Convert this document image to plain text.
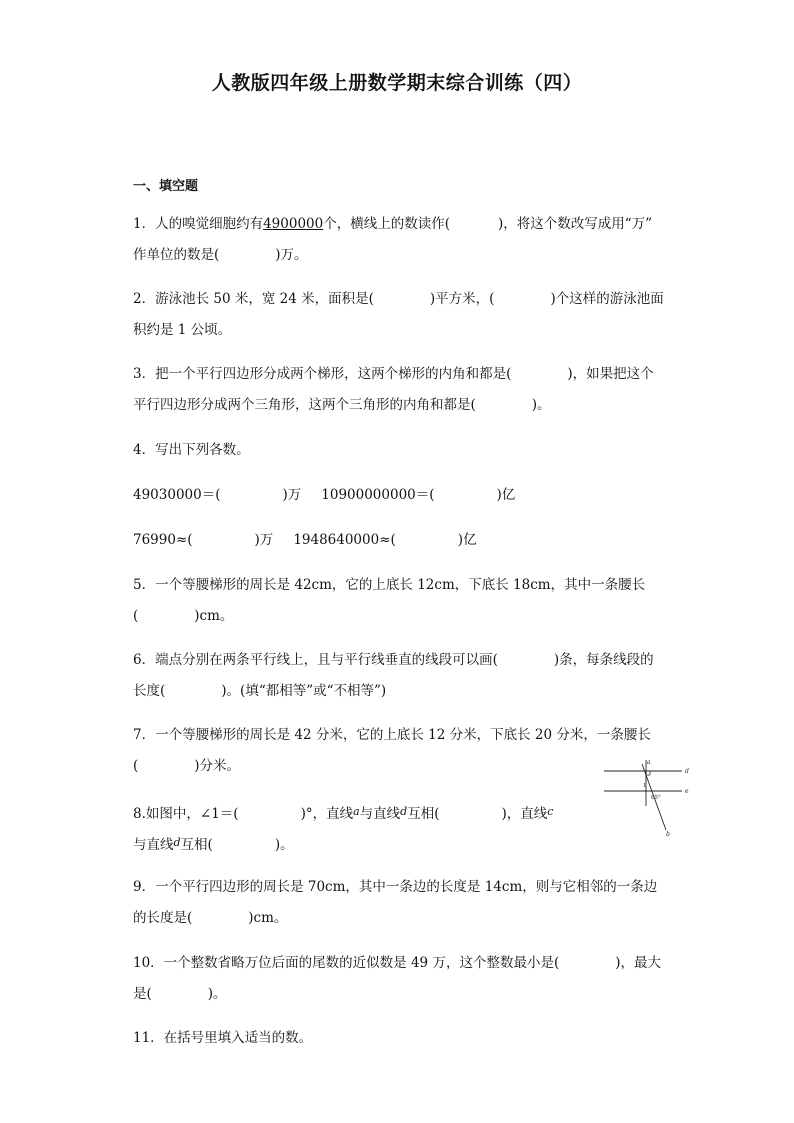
人教版四年级上册数学期末综合训练（四）
一、填空题
1．人的嗅觉细胞约有4900000个，横线上的数读作(	)，将这个数改写成用“万”
作单位的数是(	)万。
2．游泳池长 50 米，宽 24 米，面积是(	)平方米，(	)个这样的游泳池面
积约是 1 公顷。
3．把一个平行四边形分成两个梯形，这两个梯形的内角和都是(	)，如果把这个
平行四边形分成两个三角形，这两个三角形的内角和都是(	)。
4．写出下列各数。
49030000＝(	)万 10900000000＝(	)亿
76990≈(	)万 1948640000≈(	)亿
5．一个等腰梯形的周长是 42cm，它的上底长 12cm，下底长 18cm，其中一条腰长
(	)cm。
6．端点分别在两条平行线上，且与平行线垂直的线段可以画(	)条，每条线段的
长度(	)。(填“都相等”或“不相等”)
7．一个等腰梯形的周长是 42 分米，它的上底长 12 分米，下底长 20 分米，一条腰长
(	)分米。	d
e
a
b
1
65°
8.如图中，∠1＝(	)°，直线$^a$与直线$^d$互相(	)，直线$^c$
与直线$^d$互相(	)。
9．一个平行四边形的周长是 70cm，其中一条边的长度是 14cm，则与它相邻的一条边
的长度是(	)cm。
10．一个整数省略万位后面的尾数的近似数是 49 万，这个整数最小是(	)，最大
是(	)。
11．在括号里填入适当的数。
